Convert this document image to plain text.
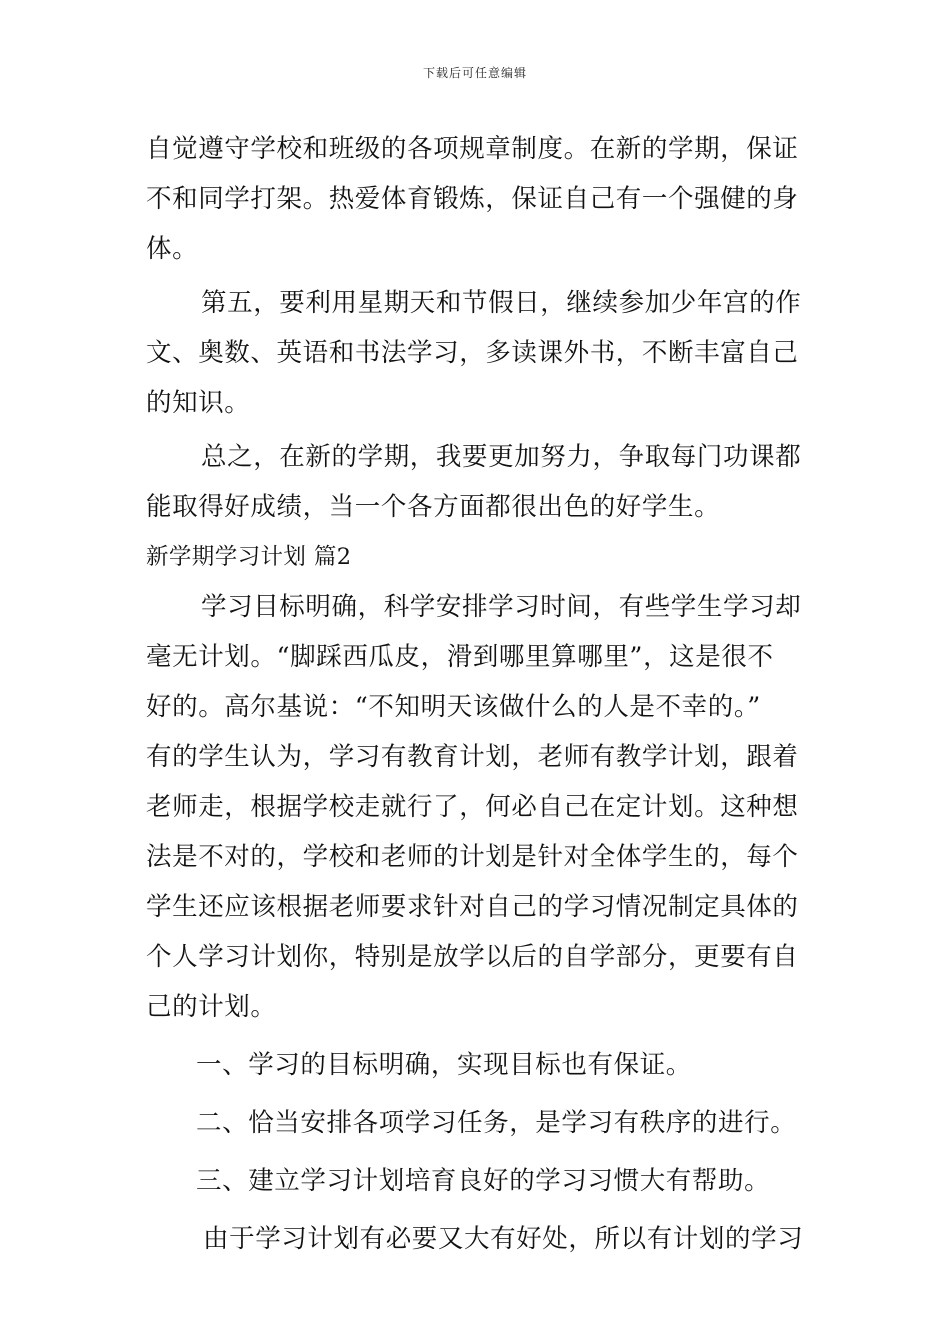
下载后可任意编辑
自觉遵守学校和班级的各项规章制度。在新的学期，保证
不和同学打架。热爱体育锻炼，保证自己有一个强健的身
体。
第五，要利用星期天和节假日，继续参加少年宫的作
文、奥数、英语和书法学习，多读课外书，不断丰富自己
的知识。
总之，在新的学期，我要更加努力，争取每门功课都
能取得好成绩，当一个各方面都很出色的好学生。
新学期学习计划 篇2
学习目标明确，科学安排学习时间，有些学生学习却
毫无计划。“脚踩西瓜皮，滑到哪里算哪里”，这是很不
好的。高尔基说：“不知明天该做什么的人是不幸的。”
有的学生认为，学习有教育计划，老师有教学计划，跟着
老师走，根据学校走就行了，何必自己在定计划。这种想
法是不对的，学校和老师的计划是针对全体学生的，每个
学生还应该根据老师要求针对自己的学习情况制定具体的
个人学习计划你，特别是放学以后的自学部分，更要有自
己的计划。
一、学习的目标明确，实现目标也有保证。
二、恰当安排各项学习任务，是学习有秩序的进行。
三、建立学习计划培育良好的学习习惯大有帮助。
由于学习计划有必要又大有好处，所以有计划的学习
